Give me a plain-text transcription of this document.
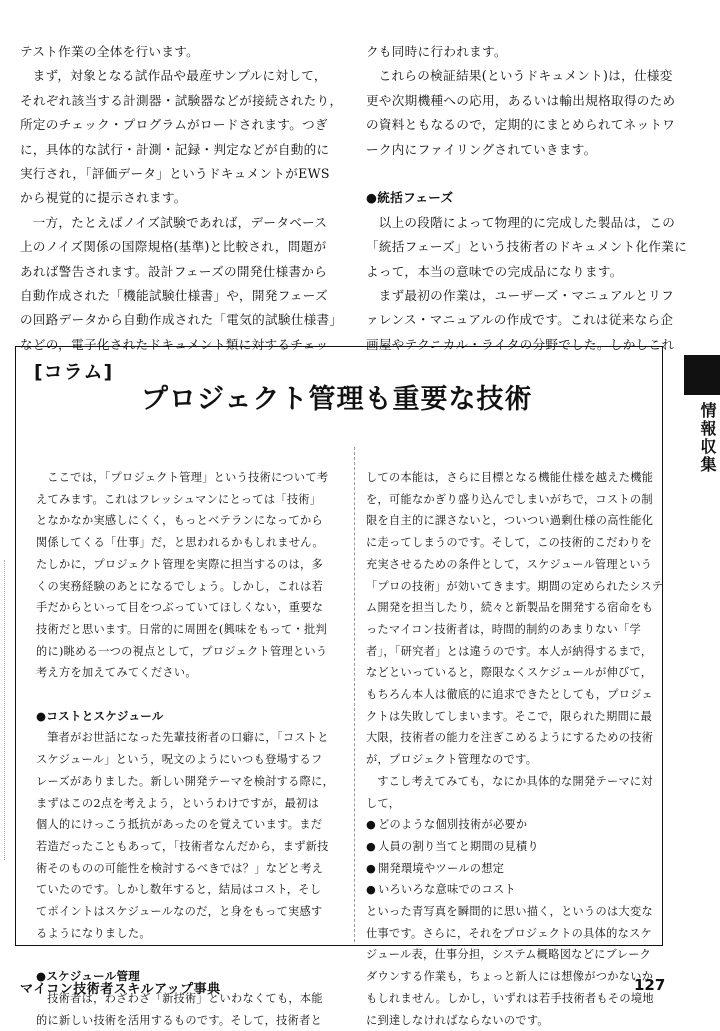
テスト作業の全体を行います。

まず，対象となる試作品や最産サンプルに対して，

それぞれ該当する計測器・試験器などが接続されたり，

所定のチェック・プログラムがロードされます。つぎ

に，具体的な試行・計測・記録・判定などが自動的に

実行され，「評価データ」というドキュメントがEWS

から視覚的に提示されます。

一方，たとえばノイズ試験であれば，データベース

上のノイズ関係の国際規格(基準)と比較され，問題が

あれば警告されます。設計フェーズの開発仕様書から

自動作成された「機能試験仕様書」や，開発フェーズ

の回路データから自動作成された「電気的試験仕様書」

などの，電子化されたドキュメント類に対するチェッ

クも同時に行われます。

これらの検証結果(というドキュメント)は，仕様変

更や次期機種への応用，あるいは輸出規格取得のため

の資料ともなるので，定期的にまとめられてネットワ

ーク内にファイリングされていきます。

●統括フェーズ

以上の段階によって物理的に完成した製品は，この

「統括フェーズ」という技術者のドキュメント化作業に

よって，本当の意味での完成品になります。

まず最初の作業は，ユーザーズ・マニュアルとリフ

ァレンス・マニュアルの作成です。これは従来なら企

画屋やテクニカル・ライタの分野でした。しかしこれ

[コラム]
プロジェクト管理も重要な技術

ここでは，「プロジェクト管理」という技術について考

えてみます。これはフレッシュマンにとっては「技術」

となかなか実感しにくく，もっとベテランになってから

関係してくる「仕事」だ，と思われるかもしれません。

たしかに，プロジェクト管理を実際に担当するのは，多

くの実務経験のあとになるでしょう。しかし，これは若

手だからといって目をつぶっていてほしくない，重要な

技術だと思います。日常的に周囲を(興味をもって・批判

的に)眺める一つの視点として，プロジェクト管理という

考え方を加えてみてください。

●コストとスケジュール

筆者がお世話になった先輩技術者の口癖に，「コストと

スケジュール」という，呪文のようにいつも登場するフ

レーズがありました。新しい開発テーマを検討する際に，

まずはこの2点を考えよう，というわけですが，最初は

個人的にけっこう抵抗があったのを覚えています。まだ

若造だったこともあって，「技術者なんだから，まず新技

術そのものの可能性を検討するべきでは？」などと考え

ていたのです。しかし数年すると，結局はコスト，そし

てポイントはスケジュールなのだ，と身をもって実感す

るようになりました。

●スケジュール管理

技術者は，わざわざ「新技術」といわなくても，本能

的に新しい技術を活用するものです。そして，技術者と

しての本能は，さらに目標となる機能仕様を越えた機能

を，可能なかぎり盛り込んでしまいがちで，コストの制

限を自主的に課さないと，ついつい過剰仕様の高性能化

に走ってしまうのです。そして，この技術的こだわりを

充実させるための条件として，スケジュール管理という

「プロの技術」が効いてきます。期間の定められたシステ

ム開発を担当したり，続々と新製品を開発する宿命をも

ったマイコン技術者は，時間的制約のあまりない「学

者」，「研究者」とは違うのです。本人が納得するまで，

などといっていると，際限なくスケジュールが伸びて，

もちろん本人は徹底的に追求できたとしても，プロジェ

クトは失敗してしまいます。そこで，限られた期間に最

大限，技術者の能力を注ぎこめるようにするための技術

が，プロジェクト管理なのです。

すこし考えてみても，なにか具体的な開発テーマに対

して，

● どのような個別技術が必要か

● 人員の割り当てと期間の見積り

● 開発環境やツールの想定

● いろいろな意味でのコスト

といった青写真を瞬間的に思い描く，というのは大変な

仕事です。さらに，それをプロジェクトの具体的なスケ

ジュール表，仕事分担，システム概略図などにブレーク

ダウンする作業も，ちょっと新人には想像がつかないか

もしれません。しかし，いずれは若手技術者もその境地

に到達しなければならないのです。

情報収集
マイコン技術者スキルアップ事典	127
